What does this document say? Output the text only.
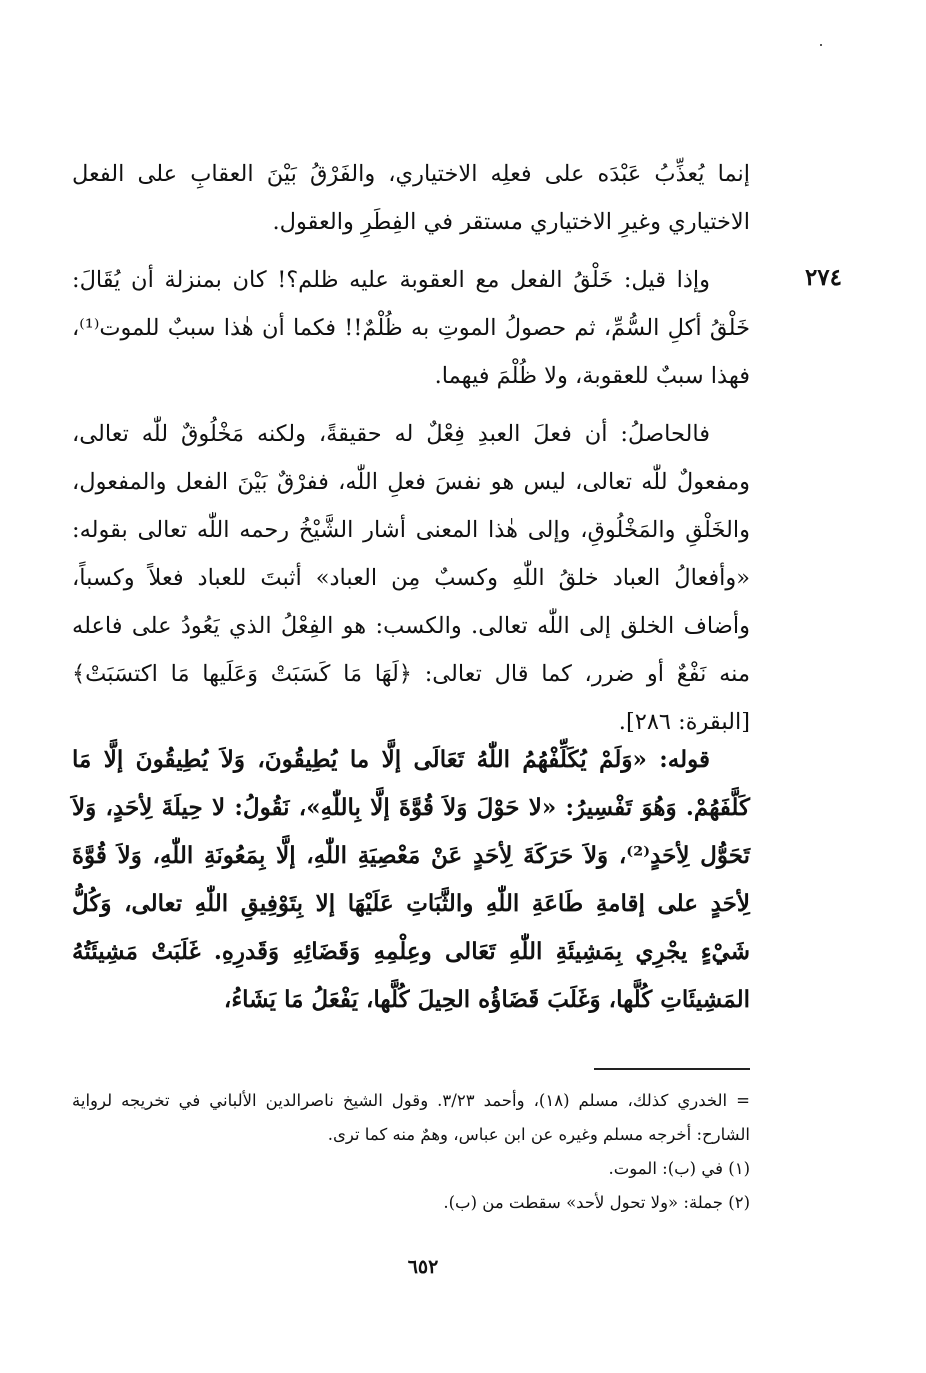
إنما يُعذِّبُ عَبْدَه على فعلِه الاختياري، والفَرْقُ بَيْنَ العقابِ على الفعل الاختياري وغيرِ الاختياري مستقر في الفِطَرِ والعقول.

٢٧٤

وإذا قيل: خَلْقُ الفعل مع العقوبة عليه ظلم؟! كان بمنزلة أن يُقَالَ: خَلْقُ أكلِ السُّمِّ، ثم حصولُ الموتِ به ظُلْمٌ!! فكما أن هٰذا سببٌ للموت⁽¹⁾، فهذا سببٌ للعقوبة، ولا ظُلْمَ فيهما.

فالحاصلُ: أن فعلَ العبدِ فِعْلٌ له حقيقةً، ولكنه مَخْلُوقٌ للّٰه تعالى، ومفعولٌ للّٰه تعالى، ليس هو نفسَ فعلِ اللّٰه، ففرْقٌ بَيْنَ الفعل والمفعول، والخَلْقِ والمَخْلُوقِ، وإلى هٰذا المعنى أشار الشَّيْخُ رحمه اللّٰه تعالى بقوله: «وأفعالُ العباد خلقُ اللّٰهِ وكسبٌ مِن العباد» أثبتَ للعباد فعلاً وكسباً، وأضاف الخلق إلى اللّٰه تعالى. والكسب: هو الفِعْلُ الذي يَعُودُ على فاعله منه نَفْعٌ أو ضرر، كما قال تعالى: ﴿لَهَا مَا كَسَبَتْ وَعَلَيها مَا اكتسَبَتْ﴾ [البقرة: ٢٨٦].

قوله: «وَلَمْ يُكَلِّفْهُمُ اللّٰهُ تَعَالَى إلَّا ما يُطِيقُونَ، وَلاَ يُطِيقُونَ إلَّا مَا كَلَّفَهُمْ. وَهُوَ تَفْسِيرُ: «لا حَوْلَ وَلاَ قُوَّةَ إلَّا بِاللّٰهِ»، نَقُولُ: لا حِيلَةَ لِأحَدٍ، وَلاَ تَحَوُّل لِأحَدٍ⁽²⁾، وَلاَ حَرَكَةَ لِأحَدٍ عَنْ مَعْصِيَةِ اللّٰهِ، إلَّا بِمَعُونَةِ اللّٰهِ، وَلاَ قُوَّةَ لِأحَدٍ على إقامةِ طَاعَةِ اللّٰهِ والثَّبَاتِ عَلَيْهَا إلا بِتَوْفِيقِ اللّٰهِ تعالى، وَكُلُّ شَيْءٍ يجْرِي بِمَشِيئَةِ اللّٰهِ تَعَالى وعِلْمِهِ وَقَضَائِهِ وَقَدرِهِ. غَلَبَتْ مَشِيئَتُهُ المَشِيئَاتِ كُلَّها، وَغَلَبَ قَضَاؤُه الحِيلَ كُلَّها، يَفْعَلُ مَا يَشَاءُ،

= الخدري كذلك، مسلم (١٨)، وأحمد ٣/٢٣. وقول الشيخ ناصرالدين الألباني في تخريجه لرواية الشارح: أخرجه مسلم وغيره عن ابن عباس، وهمٌ منه كما ترى.

(١) في (ب): الموت.

(٢) جملة: «ولا تحول لأحد» سقطت من (ب).

٦٥٢
